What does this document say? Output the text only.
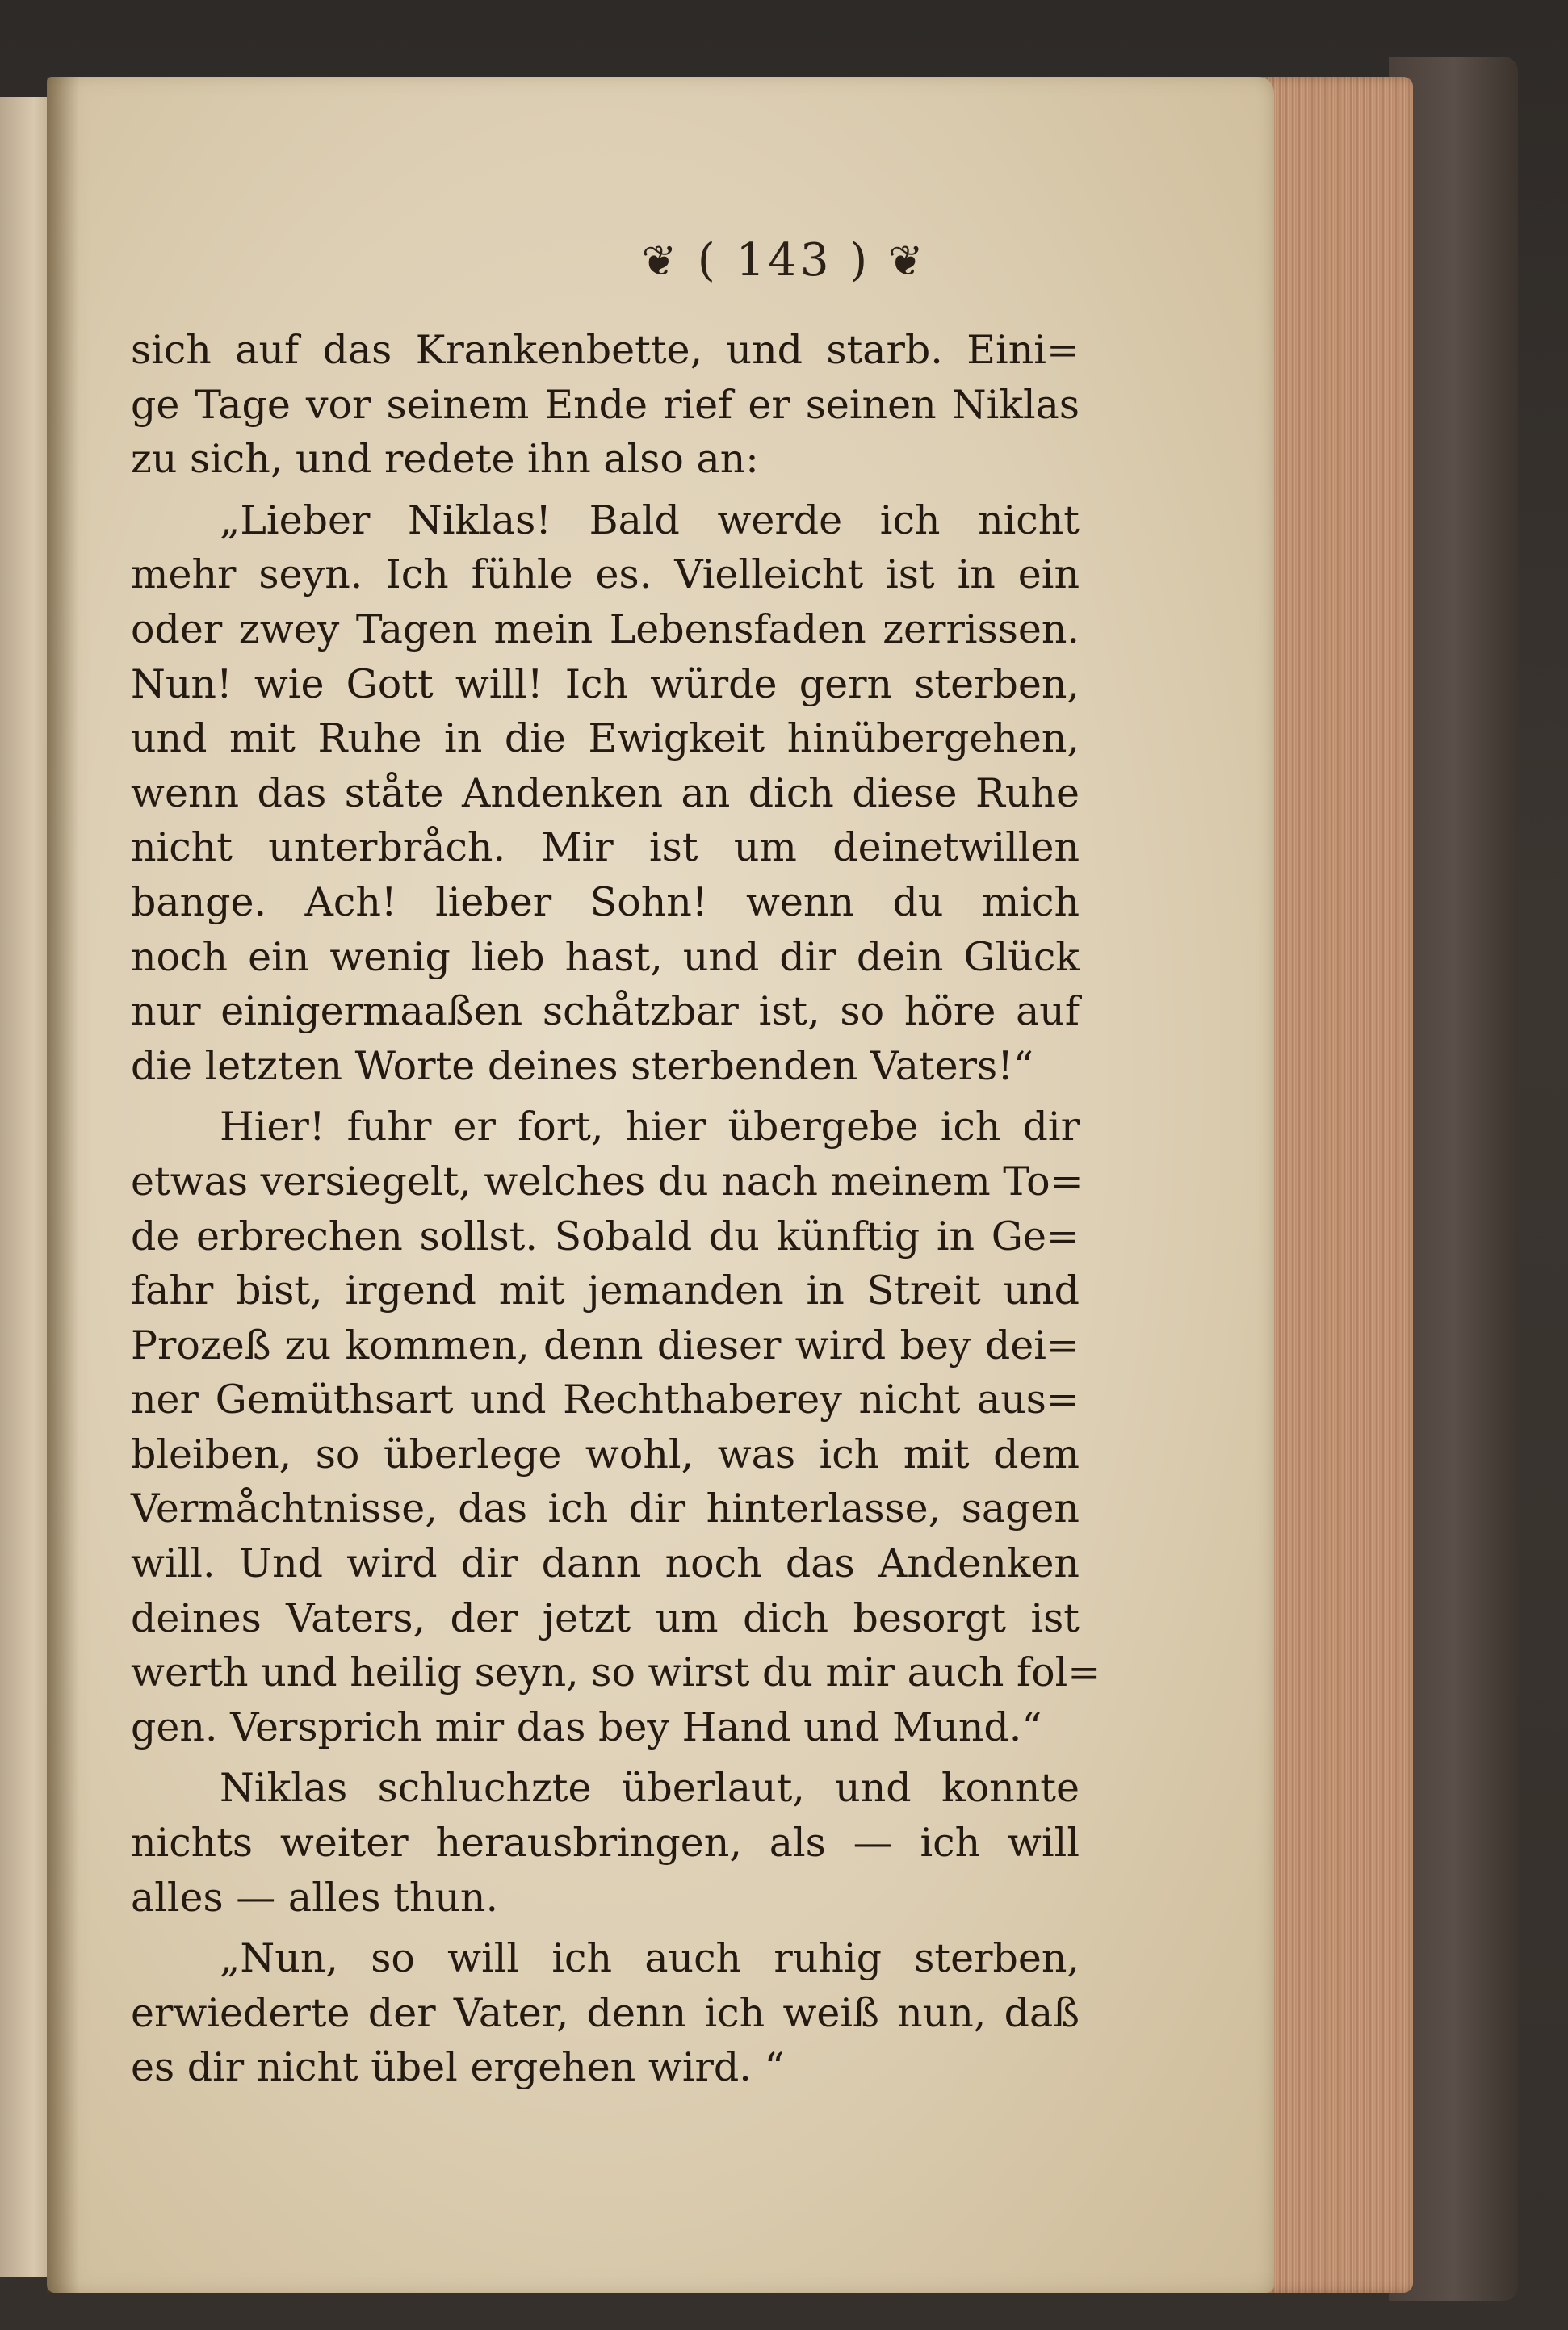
❦ ( 143 ) ❦
sich auf das Krankenbette, und starb. Eini=
ge Tage vor seinem Ende rief er seinen Niklas
zu sich, und redete ihn also an:
„Lieber Niklas! Bald werde ich nicht
mehr seyn. Ich fühle es. Vielleicht ist in ein
oder zwey Tagen mein Lebensfaden zerrissen.
Nun! wie Gott will! Ich würde gern sterben,
und mit Ruhe in die Ewigkeit hinübergehen,
wenn das ståte Andenken an dich diese Ruhe
nicht unterbråch. Mir ist um deinetwillen
bange. Ach! lieber Sohn! wenn du mich
noch ein wenig lieb hast, und dir dein Glück
nur einigermaaßen schåtzbar ist, so höre auf
die letzten Worte deines sterbenden Vaters!“
Hier! fuhr er fort, hier übergebe ich dir
etwas versiegelt, welches du nach meinem To=
de erbrechen sollst. Sobald du künftig in Ge=
fahr bist, irgend mit jemanden in Streit und
Prozeß zu kommen, denn dieser wird bey dei=
ner Gemüthsart und Rechthaberey nicht aus=
bleiben, so überlege wohl, was ich mit dem
Vermåchtnisse, das ich dir hinterlasse, sagen
will. Und wird dir dann noch das Andenken
deines Vaters, der jetzt um dich besorgt ist
werth und heilig seyn, so wirst du mir auch fol=
gen. Versprich mir das bey Hand und Mund.“
Niklas schluchzte überlaut, und konnte
nichts weiter herausbringen, als — ich will
alles — alles thun.
„Nun, so will ich auch ruhig sterben,
erwiederte der Vater, denn ich weiß nun, daß
es dir nicht übel ergehen wird. “
